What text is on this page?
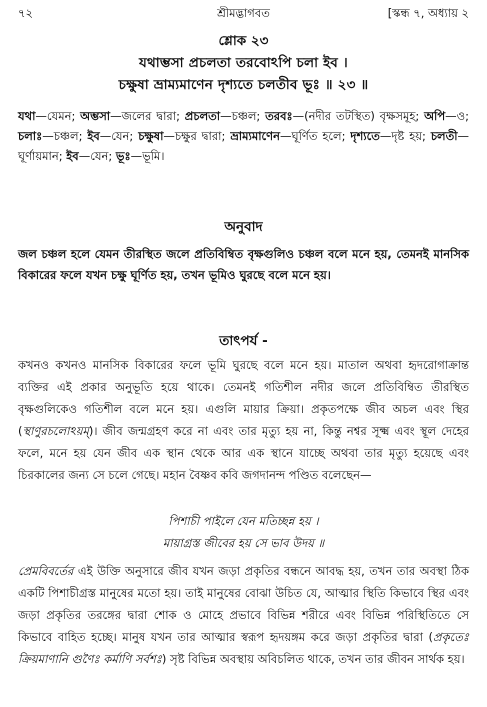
৭২	শ্রীমদ্ভাগবত	[স্কন্ধ ৭, অধ্যায় ২
শ্লোক ২৩
যথাম্ভসা প্রচলতা তরবোঽপি চলা ইব ।
চক্ষুষা ভ্রাম্যমাণেন দৃশ্যতে চলতীব ভূঃ ॥ ২৩ ॥
যথা—যেমন; অম্ভসা—জলের দ্বারা; প্রচলতা—চঞ্চল; তরবঃ—(নদীর তটস্থিত) বৃক্ষসমূহ; অপি—ও; চলাঃ—চঞ্চল; ইব—যেন; চক্ষুষা—চক্ষুর দ্বারা; ভ্রাম্যমাণেন—ঘূর্ণিত হলে; দৃশ্যতে—দৃষ্ট হয়; চলতী—ঘূর্ণায়মান; ইব—যেন; ভূঃ—ভূমি।
অনুবাদ
জল চঞ্চল হলে যেমন তীরস্থিত জলে প্রতিবিম্বিত বৃক্ষগুলিও চঞ্চল বলে মনে হয়, তেমনই মানসিক বিকারের ফলে যখন চক্ষু ঘূর্ণিত হয়, তখন ভূমিও ঘুরছে বলে মনে হয়।
তাৎপর্য -
কখনও কখনও মানসিক বিকারের ফলে ভূমি ঘুরছে বলে মনে হয়। মাতাল অথবা হৃদরোগাক্রান্ত ব্যক্তির এই প্রকার অনুভূতি হয়ে থাকে। তেমনই গতিশীল নদীর জলে প্রতিবিম্বিত তীরস্থিত বৃক্ষগুলিকেও গতিশীল বলে মনে হয়। এগুলি মায়ার ক্রিয়া। প্রকৃতপক্ষে জীব অচল এবং স্থির (স্থাণুরচলোঽয়ম্)। জীব জন্মগ্রহণ করে না এবং তার মৃত্যু হয় না, কিন্তু নশ্বর সূক্ষ্ম এবং স্থূল দেহের ফলে, মনে হয় যেন জীব এক স্থান থেকে আর এক স্থানে যাচ্ছে অথবা তার মৃত্যু হয়েছে এবং চিরকালের জন্য সে চলে গেছে। মহান বৈষ্ণব কবি জগদানন্দ পণ্ডিত বলেছেন—
পিশাচী পাইলে যেন মতিচ্ছন্ন হয় ।
মায়াগ্রস্ত জীবের হয় সে ভাব উদয় ॥
প্রেমবিবর্তের এই উক্তি অনুসারে জীব যখন জড়া প্রকৃতির বন্ধনে আবদ্ধ হয়, তখন তার অবস্থা ঠিক একটি পিশাচীগ্রস্ত মানুষের মতো হয়। তাই মানুষের বোঝা উচিত যে, আত্মার স্থিতি কিভাবে স্থির এবং জড়া প্রকৃতির তরঙ্গের দ্বারা শোক ও মোহে প্রভাবে বিভিন্ন শরীরে এবং বিভিন্ন পরিস্থিতিতে সে কিভাবে বাহিত হচ্ছে। মানুষ যখন তার আত্মার স্বরূপ হৃদয়ঙ্গম করে জড়া প্রকৃতির দ্বারা (প্রকৃতেঃ ক্রিয়মাণানি গুণৈঃ কর্মাণি সর্বশঃ) সৃষ্ট বিভিন্ন অবস্থায় অবিচলিত থাকে, তখন তার জীবন সার্থক হয়।
